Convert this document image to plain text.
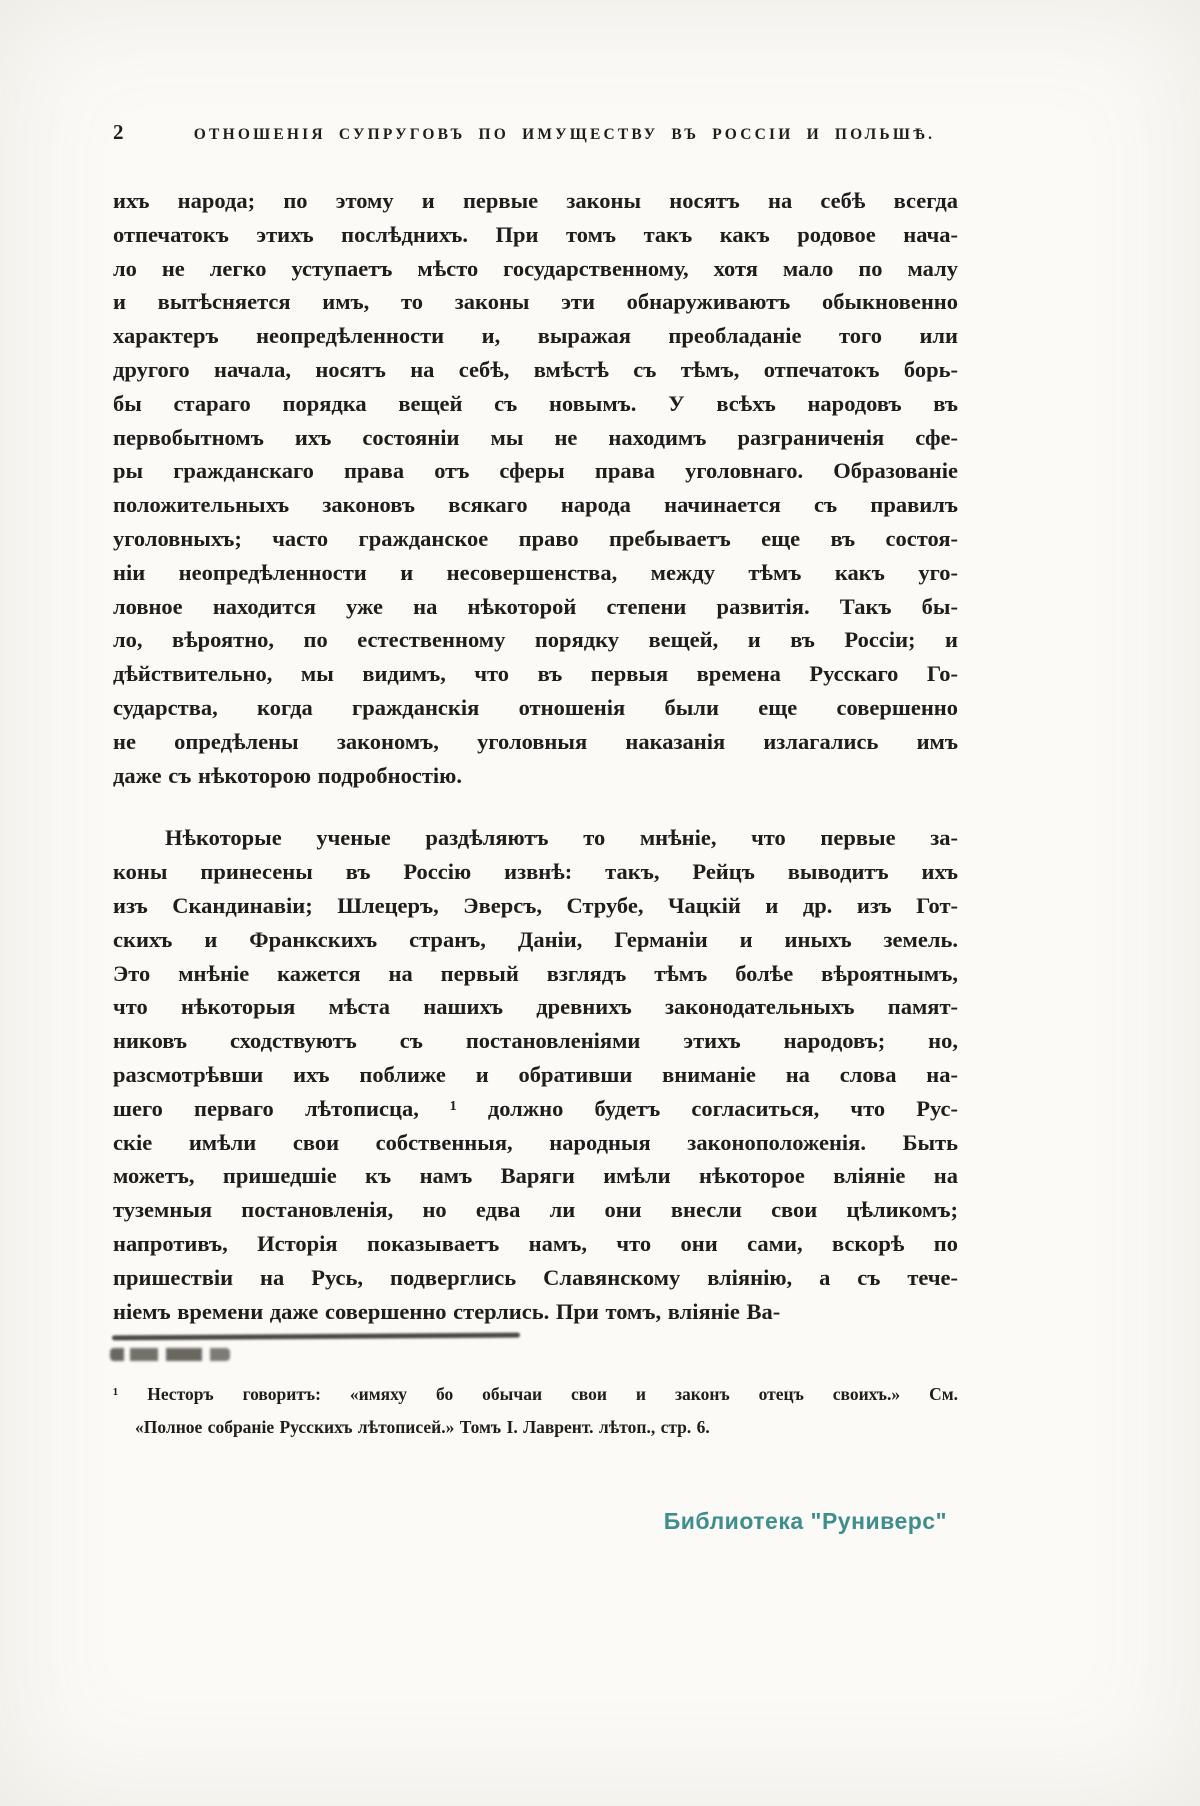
2	ОТНОШЕНІЯ СУПРУГОВЪ ПО ИМУЩЕСТВУ ВЪ РОССІИ И ПОЛЬШѢ.
ихъ народа; по этому и первые законы носятъ на себѣ всегда
отпечатокъ этихъ послѣднихъ. При томъ такъ какъ родовое нача-
ло не легко уступаетъ мѣсто государственному, хотя мало по малу
и вытѣсняется имъ, то законы эти обнаруживаютъ обыкновенно
характеръ неопредѣленности и, выражая преобладаніе того или
другого начала, носятъ на себѣ, вмѣстѣ съ тѣмъ, отпечатокъ борь-
бы стараго порядка вещей съ новымъ. У всѣхъ народовъ въ
первобытномъ ихъ состояніи мы не находимъ разграниченія сфе-
ры гражданскаго права отъ сферы права уголовнаго. Образованіе
положительныхъ законовъ всякаго народа начинается съ правилъ
уголовныхъ; часто гражданское право пребываетъ еще въ состоя-
ніи неопредѣленности и несовершенства, между тѣмъ какъ уго-
ловное находится уже на нѣкоторой степени развитія. Такъ бы-
ло, вѣроятно, по естественному порядку вещей, и въ Россіи; и
дѣйствительно, мы видимъ, что въ первыя времена Русскаго Го-
сударства, когда гражданскія отношенія были еще совершенно
не опредѣлены закономъ, уголовныя наказанія излагались имъ
даже съ нѣкоторою подробностію.
Нѣкоторые ученые раздѣляютъ то мнѣніе, что первые за-
коны принесены въ Россію извнѣ: такъ, Рейцъ выводитъ ихъ
изъ Скандинавіи; Шлецеръ, Эверсъ, Струбе, Чацкій и др. изъ Гот-
скихъ и Франкскихъ странъ, Даніи, Германіи и иныхъ земель.
Это мнѣніе кажется на первый взглядъ тѣмъ болѣе вѣроятнымъ,
что нѣкоторыя мѣста нашихъ древнихъ законодательныхъ памят-
никовъ сходствуютъ съ постановленіями этихъ народовъ; но,
разсмотрѣвши ихъ поближе и обративши вниманіе на слова на-
шего перваго лѣтописца, ¹ должно будетъ согласиться, что Рус-
скіе имѣли свои собственныя, народныя законоположенія. Быть
можетъ, пришедшіе къ намъ Варяги имѣли нѣкоторое вліяніе на
туземныя постановленія, но едва ли они внесли свои цѣликомъ;
напротивъ, Исторія показываетъ намъ, что они сами, вскорѣ по
пришествіи на Русь, подверглись Славянскому вліянію, а съ тече-
ніемъ времени даже совершенно стерлись. При томъ, вліяніе Ва-
¹ Несторъ говоритъ: «имяху бо обычаи свои и законъ отецъ своихъ.» См.
«Полное собраніе Русскихъ лѣтописей.» Томъ I. Лаврент. лѣтоп., стр. 6.
Библиотека "Руниверс"
